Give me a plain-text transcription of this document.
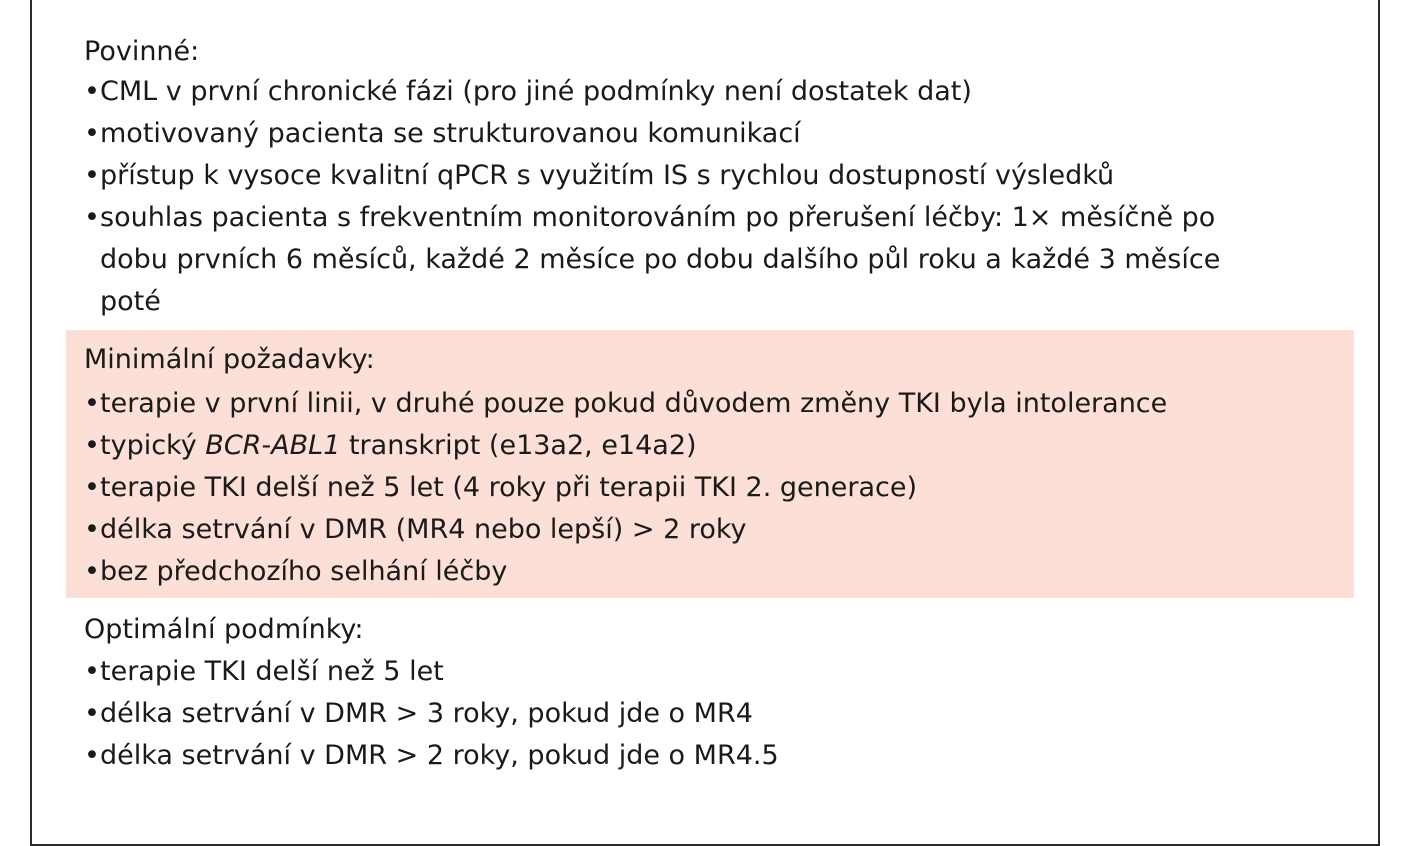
Povinné:
•CML v první chronické fázi (pro jiné podmínky není dostatek dat)
•motivovaný pacienta se strukturovanou komunikací
•přístup k vysoce kvalitní qPCR s využitím IS s rychlou dostupností výsledků
•souhlas pacienta s frekventním monitorováním po přerušení léčby: 1× měsíčně po
dobu prvních 6 měsíců, každé 2 měsíce po dobu dalšího půl roku a každé 3 měsíce
poté
Minimální požadavky:
•terapie v první linii, v druhé pouze pokud důvodem změny TKI byla intolerance
•typický BCR-ABL1 transkript (e13a2, e14a2)
•terapie TKI delší než 5 let (4 roky při terapii TKI 2. generace)
•délka setrvání v DMR (MR4 nebo lepší) > 2 roky
•bez předchozího selhání léčby
Optimální podmínky:
•terapie TKI delší než 5 let
•délka setrvání v DMR > 3 roky, pokud jde o MR4
•délka setrvání v DMR > 2 roky, pokud jde o MR4.5
